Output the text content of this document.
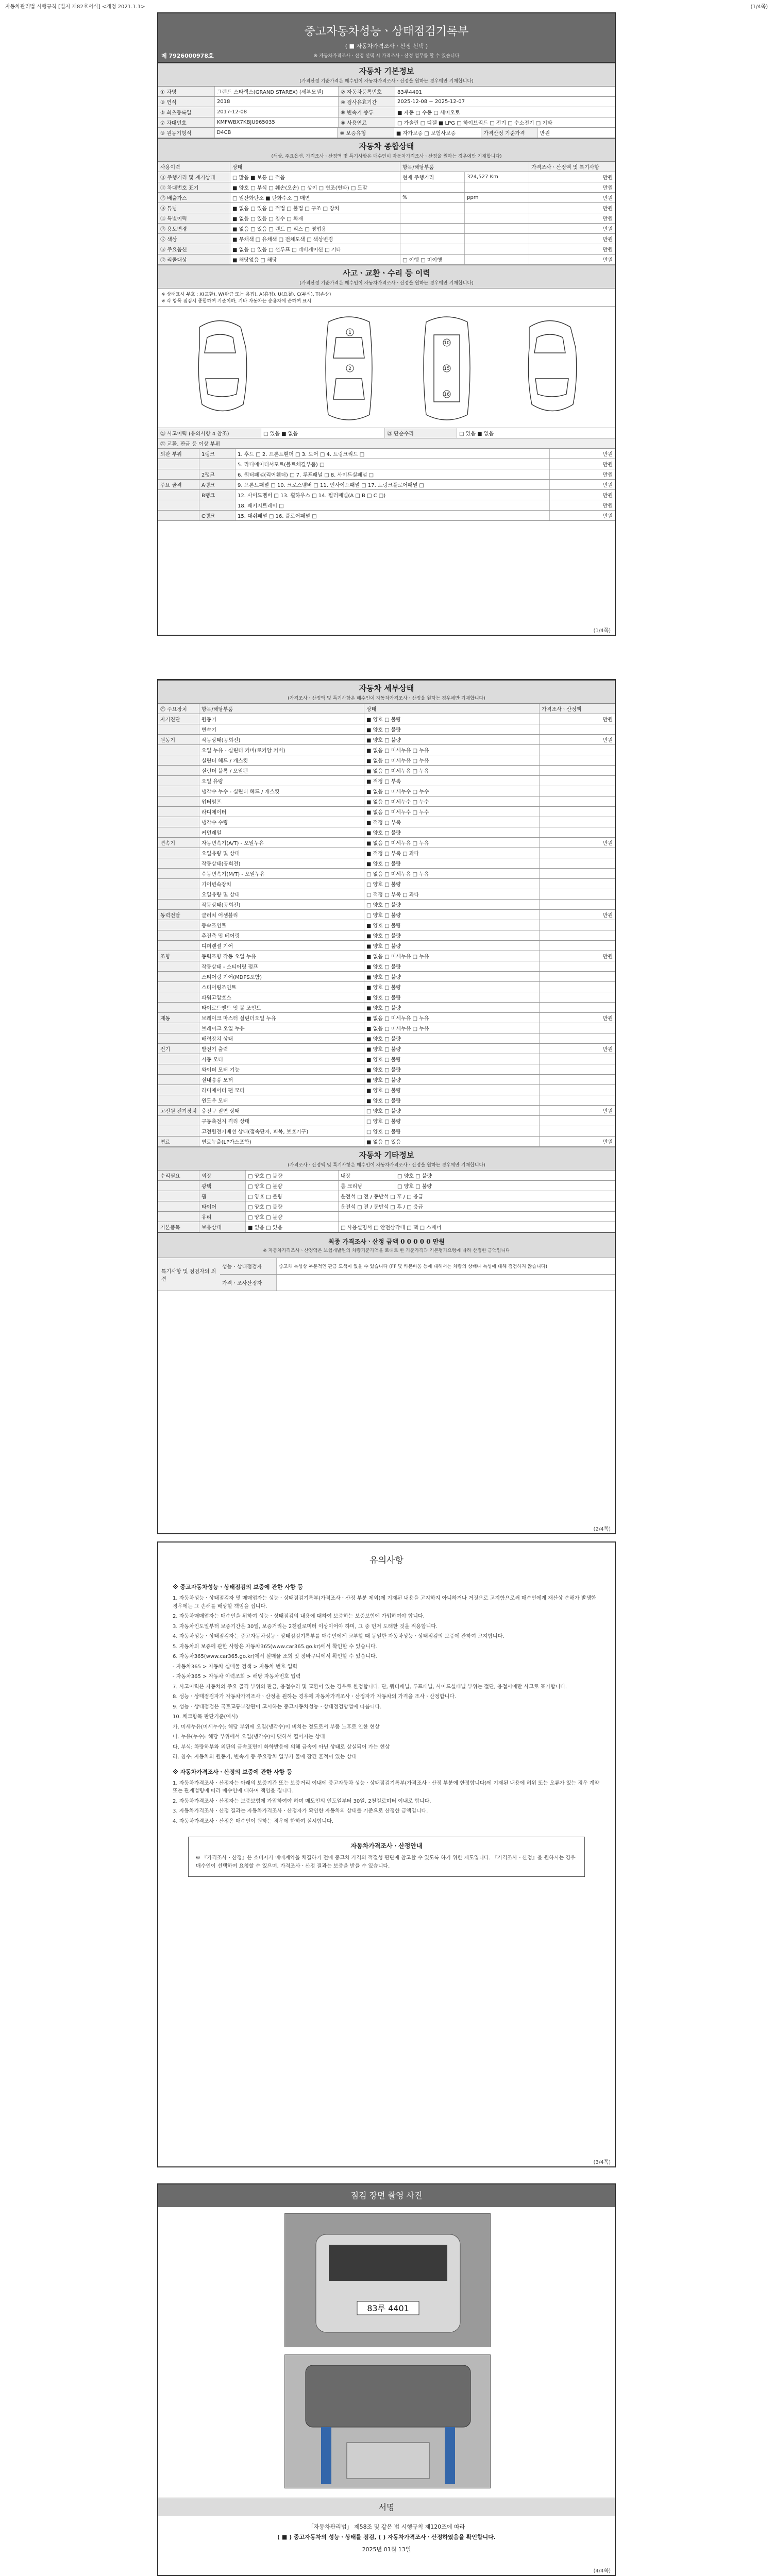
자동차관리법 시행규칙 [별지 제82호서식] <개정 2021.1.1>	(1/4쪽)
중고자동차성능ㆍ상태점검기록부
( ■ 자동차가격조사ㆍ산정 선택 )
※ 자동차가격조사ㆍ산정 선택 시 가격조사ㆍ산정 업무를 할 수 있습니다
제 7926000978호
자동차 기본정보
(가격산정 기준가격은 매수인이 자동차가격조사ㆍ산정을 원하는 경우에만 기재합니다)
① 차명	그랜드 스타렉스(GRAND STAREX) (세부모델)	② 자동차등록번호	83루4401
③ 연식	2018	④ 검사유효기간	2025-12-08 ~ 2025-12-07
⑤ 최초등록일	2017-12-08	⑥ 변속기 종류	■ 자동 □ 수동 □ 세미오토
⑦ 차대번호	KMFWBX7KBJU965035	⑧ 사용연료	□ 가솔린 □ 디젤 ■ LPG □ 하이브리드 □ 전기 □ 수소전기 □ 기타
⑨ 원동기형식	D4CB	⑩ 보증유형	■ 자가보증 □ 보험사보증	가격산정 기준가격	만원
자동차 종합상태
(색상, 주요옵션, 가격조사ㆍ산정액 및 특기사항은 매수인이 자동차가격조사ㆍ산정을 원하는 경우에만 기재합니다)
사용이력	상태	항목/해당부품	가격조사ㆍ산정액 및 특기사항
⑪ 주행거리 및 계기상태	□ 많음 ■ 보통 □ 적음	현재 주행거리	324,527 Km	만원
⑫ 차대번호 표기	■ 양호 □ 부식 □ 훼손(오손) □ 상이 □ 변조(변타) □ 도말	만원
⑬ 배출가스	□ 일산화탄소 ■ 탄화수소 □ 매연	%	ppm	만원
⑭ 튜닝	■ 없음 □ 있음 □ 적법 □ 불법 □ 구조 □ 장치	만원
⑮ 특별이력	■ 없음 □ 있음 □ 침수 □ 화재	만원
⑯ 용도변경	■ 없음 □ 있음 □ 렌트 □ 리스 □ 영업용	만원
⑰ 색상	■ 무채색 □ 유채색 □ 전체도색 □ 색상변경	만원
⑱ 주요옵션	■ 없음 □ 있음 □ 선루프 □ 네비게이션 □ 기타	만원
⑲ 리콜대상	■ 해당없음 □ 해당	□ 이행 □ 미이행	만원
사고ㆍ교환ㆍ수리 등 이력
(가격산정 기준가격은 매수인이 자동차가격조사ㆍ산정을 원하는 경우에만 기재합니다)
※ 상태표시 부호 : X(교환), W(판금 또는 용접), A(흠집), U(요철), C(부식), T(손상)
※ 각 항목 점검시 종합하여 기준이하, 기타 자동차는 승용차에 준하여 표시
1
2
10
15
16
⑳ 사고이력 (유의사항 4 참조)	□ 있음 ■ 없음	㉑ 단순수리	□ 있음 ■ 없음
㉒ 교환, 판금 등 이상 부위
외판 부위	1랭크	1. 후드 □ 2. 프론트휀더 □ 3. 도어 □ 4. 트렁크리드 □	만원
5. 라디에이터서포트(볼트체결부품) □	만원
2랭크	6. 쿼터패널(리어휀더) □ 7. 루프패널 □ 8. 사이드실패널 □	만원
주요 골격	A랭크	9. 프론트패널 □ 10. 크로스멤버 □ 11. 인사이드패널 □ 17. 트렁크플로어패널 □	만원
B랭크	12. 사이드멤버 □ 13. 휠하우스 □ 14. 필러패널(A □ B □ C □)	만원
18. 패키지트레이 □	만원
C랭크	15. 대쉬패널 □ 16. 플로어패널 □	만원
(1/4쪽)
자동차 세부상태
(가격조사ㆍ산정액 및 특기사항은 매수인이 자동차가격조사ㆍ산정을 원하는 경우에만 기재합니다)
㉓ 주요장치	항목/해당부품	상태	가격조사ㆍ산정액
자기진단	원동기	■ 양호 □ 불량	만원
변속기	■ 양호 □ 불량
원동기	작동상태(공회전)	■ 양호 □ 불량	만원
오일 누유 - 실린더 커버(로커암 커버)	■ 없음 □ 미세누유 □ 누유
실린더 헤드 / 개스킷	■ 없음 □ 미세누유 □ 누유
실린더 블록 / 오일팬	■ 없음 □ 미세누유 □ 누유
오일 유량	■ 적정 □ 부족
냉각수 누수 - 실린더 헤드 / 개스킷	■ 없음 □ 미세누수 □ 누수
워터펌프	■ 없음 □ 미세누수 □ 누수
라디에이터	■ 없음 □ 미세누수 □ 누수
냉각수 수량	■ 적정 □ 부족
커먼레일	■ 양호 □ 불량
변속기	자동변속기(A/T) - 오일누유	■ 없음 □ 미세누유 □ 누유	만원
오일유량 및 상태	■ 적정 □ 부족 □ 과다
작동상태(공회전)	■ 양호 □ 불량
수동변속기(M/T) - 오일누유	□ 없음 □ 미세누유 □ 누유
기어변속장치	□ 양호 □ 불량
오일유량 및 상태	□ 적정 □ 부족 □ 과다
작동상태(공회전)	□ 양호 □ 불량
동력전달	클러치 어셈블리	□ 양호 □ 불량	만원
등속조인트	■ 양호 □ 불량
추진축 및 베어링	■ 양호 □ 불량
디퍼렌셜 기어	■ 양호 □ 불량
조향	동력조향 작동 오일 누유	■ 없음 □ 미세누유 □ 누유	만원
작동상태 - 스티어링 펌프	■ 양호 □ 불량
스티어링 기어(MDPS포함)	■ 양호 □ 불량
스티어링조인트	■ 양호 □ 불량
파워고압호스	■ 양호 □ 불량
타이로드엔드 및 볼 조인트	■ 양호 □ 불량
제동	브레이크 마스터 실린더오일 누유	■ 없음 □ 미세누유 □ 누유	만원
브레이크 오일 누유	■ 없음 □ 미세누유 □ 누유
배력장치 상태	■ 양호 □ 불량
전기	발전기 출력	■ 양호 □ 불량	만원
시동 모터	■ 양호 □ 불량
와이퍼 모터 기능	■ 양호 □ 불량
실내송풍 모터	■ 양호 □ 불량
라디에이터 팬 모터	■ 양호 □ 불량
윈도우 모터	■ 양호 □ 불량
고전원 전기장치 충전구 절연 상태	□ 양호 □ 불량	만원
구동축전지 격리 상태	□ 양호 □ 불량
고전원전기배선 상태(접속단자, 피복, 보호기구)	□ 양호 □ 불량
연료	연료누출(LP가스포함)	■ 없음 □ 있음	만원
자동차 기타정보
(가격조사ㆍ산정액 및 특기사항은 매수인이 자동차가격조사ㆍ산정을 원하는 경우에만 기재합니다)
수리필요	외장	□ 양호 □ 불량	내장	□ 양호 □ 불량
광택	□ 양호 □ 불량	룸 크리닝	□ 양호 □ 불량
휠	□ 양호 □ 불량	운전석 □ 전 / 동반석 □ 후 / □ 응급
타이어	□ 양호 □ 불량	운전석 □ 전 / 동반석 □ 후 / □ 응급
유리	□ 양호 □ 불량
기본품목	보유상태	■ 없음 □ 있음	□ 사용설명서 □ 안전삼각대 □ 잭 □ 스패너
최종 가격조사ㆍ산정 금액 0 0 0 0 0 만원
※ 자동차가격조사ㆍ산정액은 보험개발원의 차량기준가액을 토대로 한 기준가격과 기본평가요령에 따라 산정한 금액입니다
특기사항 및 점검자의 의견
성능ㆍ상태점검자	중고차 특성상 부분적인 판금 도색이 있을 수 있습니다 (FF 및 카본바움 등에 대해서는 차량의 상태나 특성에 대해 점검하지 않습니다)
가격ㆍ조사산정자
(2/4쪽)
유의사항
※ 중고자동차성능ㆍ상태점검의 보증에 관한 사항 등

1. 자동차성능ㆍ상태점검자 및 매매업자는 성능ㆍ상태점검기록부(가격조사ㆍ산정 부분 제외)에 기재된 내용을 고지하지 아니하거나 거짓으로 고지함으로써 매수인에게 재산상 손해가 발생한 경우에는 그 손해를 배상할 책임을 집니다.

2. 자동차매매업자는 매수인을 위하여 성능ㆍ상태점검의 내용에 대하여 보증하는 보증보험에 가입하여야 합니다.

3. 자동차인도일부터 보증기간은 30일, 보증거리는 2천킬로미터 이상이어야 하며, 그 중 먼저 도래한 것을 적용합니다.

4. 자동차성능ㆍ상태점검자는 중고자동차성능ㆍ상태점검기록부를 매수인에게 교부할 때 동일한 자동차성능ㆍ상태점검의 보증에 관하여 고지합니다.

5. 자동차의 보증에 관한 사항은 자동차365(www.car365.go.kr)에서 확인할 수 있습니다.

6. 자동차365(www.car365.go.kr)에서 실매물 조회 및 장바구니에서 확인할 수 있습니다.

- 자동차365 > 자동차 실매물 검색 > 자동차 번호 입력

- 자동차365 > 자동차 이력조회 > 해당 자동차번호 입력

7. 사고이력은 자동차의 주요 골격 부위의 판금, 용접수리 및 교환이 있는 경우로 한정합니다. 단, 쿼터패널, 루프패널, 사이드실패널 부위는 절단, 용접시에만 사고로 표기합니다.

8. 성능ㆍ상태점검자가 자동차가격조사ㆍ산정을 원하는 경우에 자동차가격조사ㆍ산정자가 자동차의 가격을 조사ㆍ산정합니다.

9. 성능ㆍ상태점검은 국토교통부장관이 고시하는 중고자동차성능ㆍ상태점검방법에 따릅니다.

10. 체크항목 판단기준(예시)

가. 미세누유(미세누수): 해당 부위에 오일(냉각수)이 비치는 정도로서 부품 노후로 인한 현상

나. 누유(누수): 해당 부위에서 오일(냉각수)이 맺혀서 떨어지는 상태

다. 부식: 차량하부와 외판의 금속표면이 화학반응에 의해 금속이 아닌 상태로 상실되어 가는 현상

라. 침수: 자동차의 원동기, 변속기 등 주요장치 일부가 물에 잠긴 흔적이 있는 상태

※ 자동차가격조사ㆍ산정의 보증에 관한 사항 등

1. 자동차가격조사ㆍ산정자는 아래의 보증기간 또는 보증거리 이내에 중고자동차 성능ㆍ상태점검기록부(가격조사ㆍ산정 부분에 한정합니다)에 기재된 내용에 허위 또는 오류가 있는 경우 계약 또는 관계법령에 따라 매수인에 대하여 책임을 집니다.

2. 자동차가격조사ㆍ산정자는 보증보험에 가입하여야 하며 매도인의 인도일부터 30일, 2천킬로미터 이내로 합니다.

3. 자동차가격조사ㆍ산정 결과는 자동차가격조사ㆍ산정자가 확인한 자동차의 상태를 기준으로 산정한 금액입니다.

4. 자동차가격조사ㆍ산정은 매수인이 원하는 경우에 한하여 실시합니다.

자동차가격조사ㆍ산정안내

※ 『가격조사ㆍ산정』은 소비자가 매매계약을 체결하기 전에 중고차 가격의 적절성 판단에 참고할 수 있도록 하기 위한 제도입니다. 『가격조사ㆍ산정』을 원하시는 경우 매수인이 선택하여 요청할 수 있으며, 가격조사ㆍ산정 결과는 보증을 받을 수 있습니다.

(3/4쪽)
점검 장면 촬영 사진
83루 4401
서명
「자동차관리법」 제58조 및 같은 법 시행규칙 제120조에 따라
( ■ ) 중고자동차의 성능ㆍ상태를 점검, ( ) 자동차가격조사ㆍ산정하였음을 확인합니다.
2025년 01월 13일
(4/4쪽)
